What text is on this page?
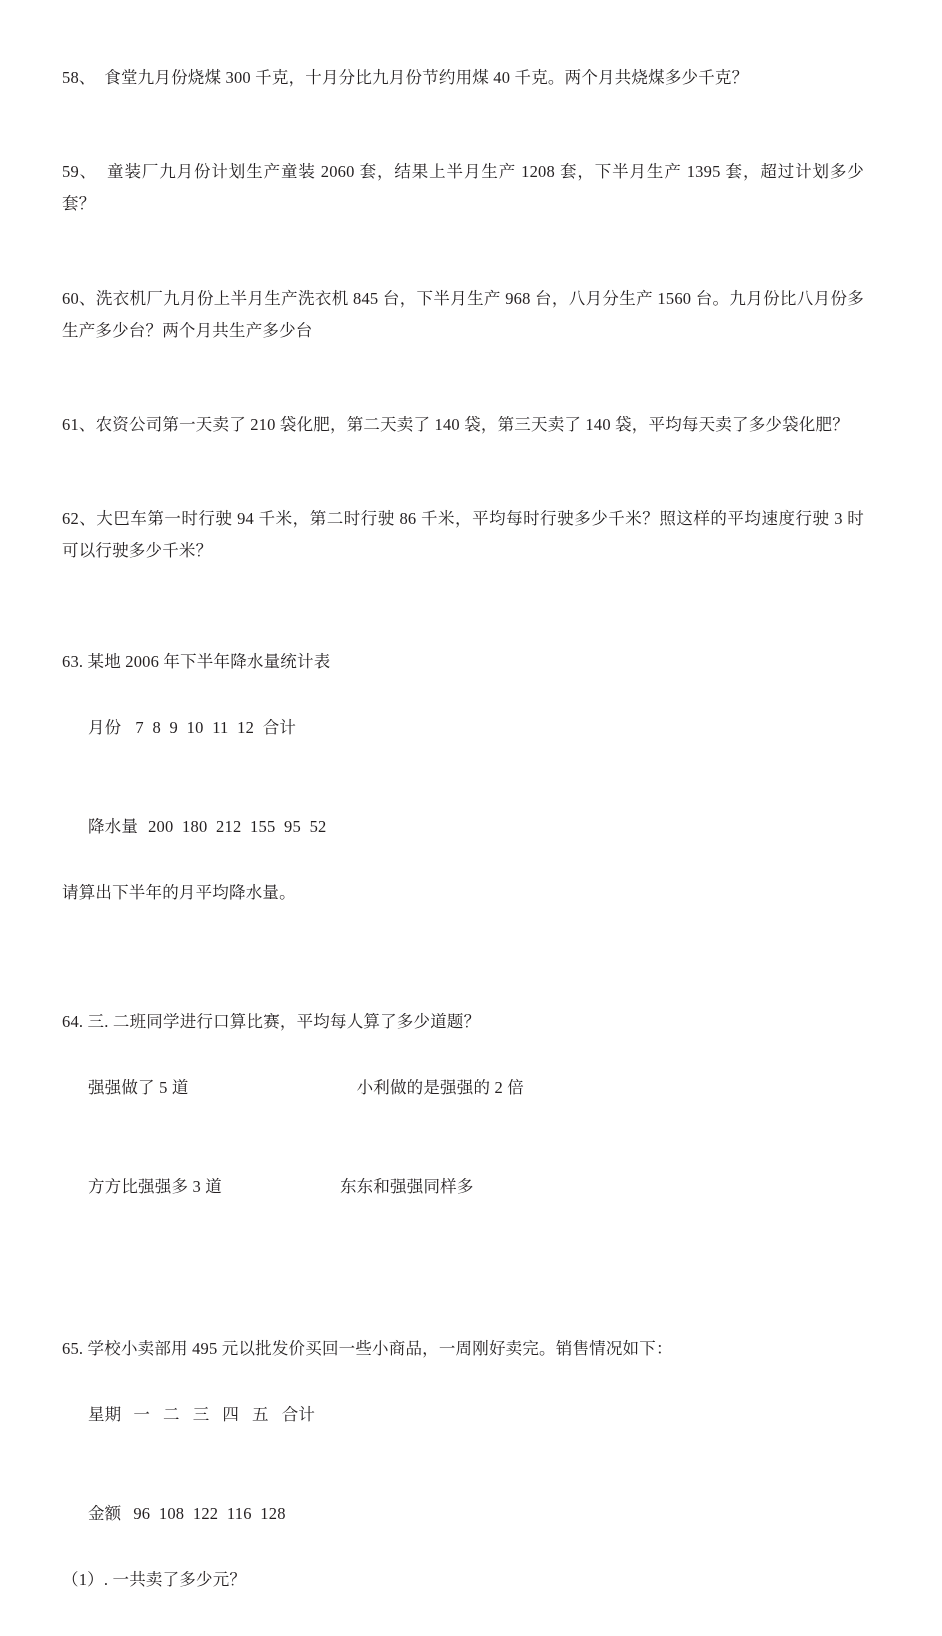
58、 食堂九月份烧煤 300 千克，十月分比九月份节约用煤 40 千克。两个月共烧煤多少千克？
59、 童装厂九月份计划生产童装 2060 套，结果上半月生产 1208 套，下半月生产 1395 套，超过计划多少套？
60、洗衣机厂九月份上半月生产洗衣机 845 台，下半月生产 968 台，八月分生产 1560 台。九月份比八月份多生产多少台？两个月共生产多少台
61、农资公司第一天卖了 210 袋化肥，第二天卖了 140 袋，第三天卖了 140 袋，平均每天卖了多少袋化肥？
62、大巴车第一时行驶 94 千米，第二时行驶 86 千米，平均每时行驶多少千米？照这样的平均速度行驶 3 时可以行驶多少千米？
63. 某地 2006 年下半年降水量统计表

月份 7  8  9  10  11  12  合计

降水量 200  180  212  155  95  52

请算出下半年的月平均降水量。
64. 三. 二班同学进行口算比赛，平均每人算了多少道题？

强强做了 5 道	小利做的是强强的 2 倍

方方比强强多 3 道	东东和强强同样多

65. 学校小卖部用 495 元以批发价买回一些小商品，一周刚好卖完。销售情况如下：

星期 一   二   三   四   五   合计

金额 96  108  122  116  128

（1）. 一共卖了多少元？
